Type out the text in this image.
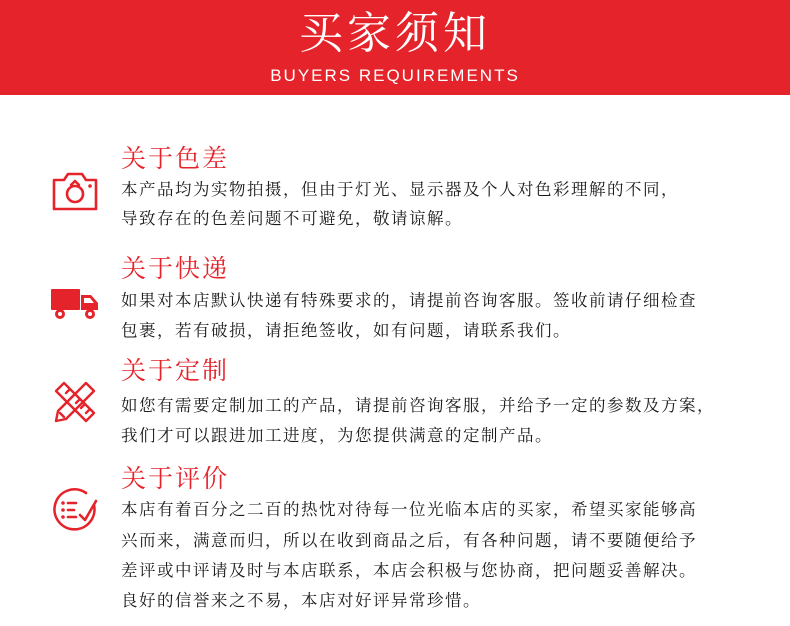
买家须知
BUYERS REQUIREMENTS
关于色差
本产品均为实物拍摄，但由于灯光、显示器及个人对色彩理解的不同，
导致存在的色差问题不可避免，敬请谅解。
关于快递
如果对本店默认快递有特殊要求的，请提前咨询客服。签收前请仔细检查
包裹，若有破损，请拒绝签收，如有问题，请联系我们。
关于定制
如您有需要定制加工的产品，请提前咨询客服，并给予一定的参数及方案，
我们才可以跟进加工进度，为您提供满意的定制产品。
关于评价
本店有着百分之二百的热忱对待每一位光临本店的买家，希望买家能够高
兴而来，满意而归，所以在收到商品之后，有各种问题，请不要随便给予
差评或中评请及时与本店联系，本店会积极与您协商，把问题妥善解决。
良好的信誉来之不易，本店对好评异常珍惜。
